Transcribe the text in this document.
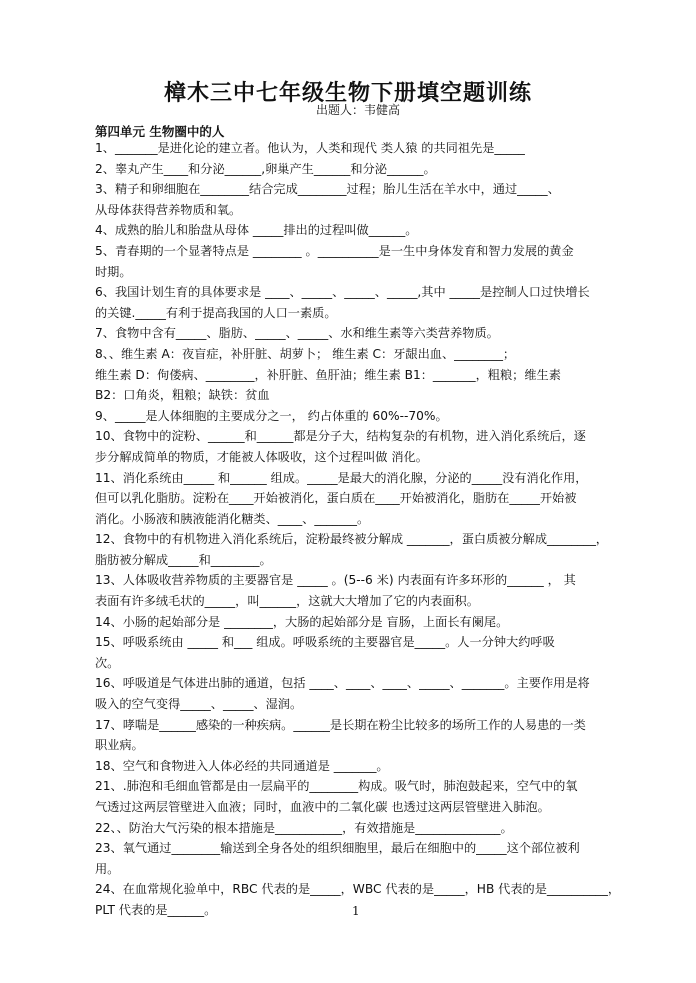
樟木三中七年级生物下册填空题训练
出题人：韦健高
第四单元 生物圈中的人
1、_______是进化论的建立者。他认为，人类和现代 类人猿 的共同祖先是_____
2、睾丸产生____和分泌______,卵巢产生______和分泌______。
3、精子和卵细胞在________结合完成________过程；胎儿生活在羊水中，通过_____、
从母体获得营养物质和氧。
4、成熟的胎儿和胎盘从母体 _____排出的过程叫做______。
5、青春期的一个显著特点是 ________ 。__________是一生中身体发育和智力发展的黄金
时期。
6、我国计划生育的具体要求是 ____、_____、_____、_____,其中 _____是控制人口过快增长
的关键._____有利于提高我国的人口一素质。
7、食物中含有_____、脂肪、_____、_____、水和维生素等六类营养物质。
8、、维生素 A：夜盲症，补肝脏、胡萝卜； 维生素 C：牙龈出血、________；
维生素 D：佝偻病、________，补肝脏、鱼肝油；维生素 B1：_______，粗粮；维生素
B2：口角炎，粗粮；缺铁：贫血
9、_____是人体细胞的主要成分之一， 约占体重的 60%--70%。
10、食物中的淀粉、______和______都是分子大，结构复杂的有机物，进入消化系统后，逐
步分解成简单的物质，才能被人体吸收，这个过程叫做 消化。
11、消化系统由_____ 和______ 组成。_____是最大的消化腺，分泌的_____没有消化作用，
但可以乳化脂肪。淀粉在____开始被消化，蛋白质在____开始被消化，脂肪在_____开始被
消化。小肠液和胰液能消化糖类、____、_______。
12、食物中的有机物进入消化系统后，淀粉最终被分解成 _______，蛋白质被分解成________，
脂肪被分解成_____和________。
13、人体吸收营养物质的主要器官是 _____ 。(5--6 米) 内表面有许多环形的______ ， 其
表面有许多绒毛状的_____，叫______，这就大大增加了它的内表面积。
14、小肠的起始部分是 ________，大肠的起始部分是 盲肠，上面长有阑尾。
15、呼吸系统由 _____ 和___ 组成。呼吸系统的主要器官是_____。人一分钟大约呼吸
次。
16、呼吸道是气体进出肺的通道，包括 ____、____、____、_____、_______。主要作用是将
吸入的空气变得_____、_____、湿润。
17、哮喘是______感染的一种疾病。______是长期在粉尘比较多的场所工作的人易患的一类
职业病。
18、空气和食物进入人体必经的共同通道是 _______。
21、.肺泡和毛细血管都是由一层扁平的________构成。吸气时，肺泡鼓起来，空气中的氧
气透过这两层管壁进入血液；同时，血液中的二氧化碳 也透过这两层管壁进入肺泡。
22、、防治大气污染的根本措施是___________，有效措施是______________。
23、氧气通过________输送到全身各处的组织细胞里，最后在细胞中的_____这个部位被利
用。
24、在血常规化验单中，RBC 代表的是_____，WBC 代表的是_____，HB 代表的是__________，
PLT 代表的是______。	1
